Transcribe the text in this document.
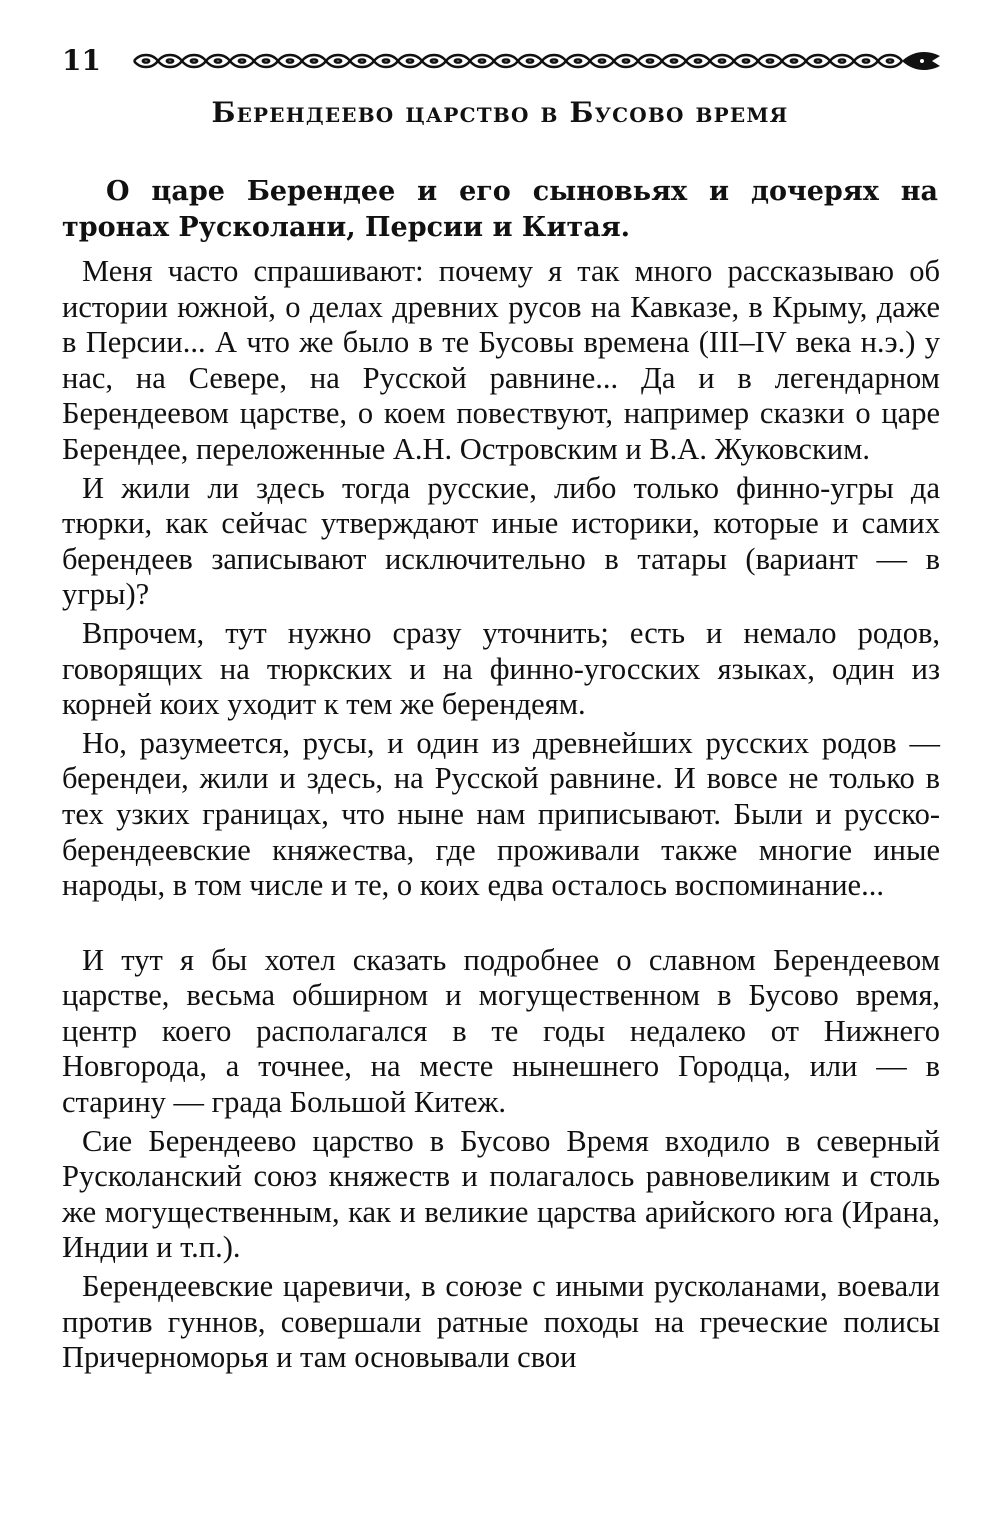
11
Берендеево царство в Бусово время
О царе Берендее и его сыновьях и дочерях на тронах Русколани, Персии и Китая.

Меня часто спрашивают: почему я так много рассказываю об истории южной, о делах древних русов на Кавказе, в Крыму, даже в Персии... А что же было в те Бусовы времена (III–IV века н.э.) у нас, на Севере, на Русской равнине... Да и в легендарном Берендеевом царстве, о коем повествуют, например сказки о царе Берендее, переложенные А.Н. Островским и В.А. Жуковским.

И жили ли здесь тогда русские, либо только финно-угры да тюрки, как сейчас утверждают иные историки, которые и самих берендеев записывают исключительно в татары (вариант — в угры)?

Впрочем, тут нужно сразу уточнить; есть и немало родов, говорящих на тюркских и на финно-угосских языках, один из корней коих уходит к тем же берендеям.

Но, разумеется, русы, и один из древнейших русских родов — берендеи, жили и здесь, на Русской равнине. И вовсе не только в тех узких границах, что ныне нам приписывают. Были и русско-берендеевские княжества, где проживали также многие иные народы, в том числе и те, о коих едва осталось воспоминание...

И тут я бы хотел сказать подробнее о славном Берендеевом царстве, весьма обширном и могущественном в Бусово время, центр коего располагался в те годы недалеко от Нижнего Новгорода, а точнее, на месте нынешнего Городца, или — в старину — града Большой Китеж.

Сие Берендеево царство в Бусово Время входило в северный Русколанский союз княжеств и полагалось равновеликим и столь же могущественным, как и великие царства арийского юга (Ирана, Индии и т.п.).

Берендеевские царевичи, в союзе с иными русколанами, воевали против гуннов, совершали ратные походы на греческие полисы Причерноморья и там основывали свои
